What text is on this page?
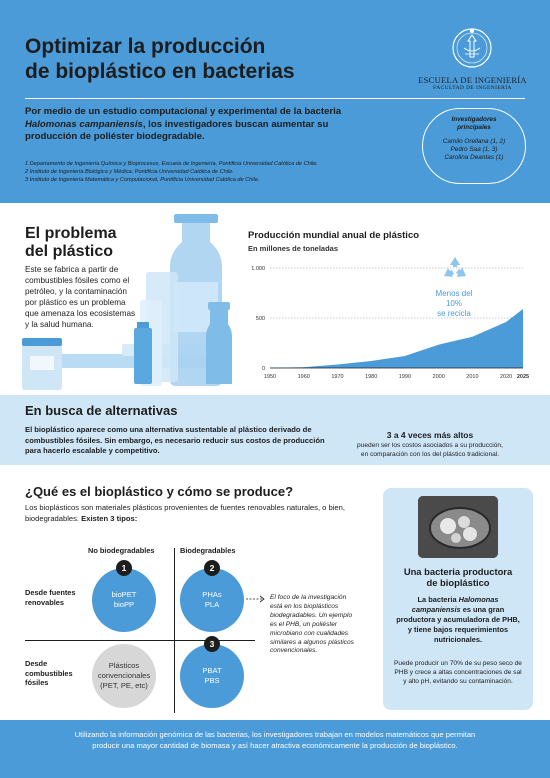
Optimizar la producción
de bioplástico en bacterias	ESCUELA DE INGENIERÍA
FACULTAD DE INGENIERÍA
Por medio de un estudio computacional y experimental de la bacteria Halomonas campaniensis, los investigadores buscan aumentar su producción de poliéster biodegradable.
1 Departamento de Ingeniería Química y Bioprocesos, Escuela de Ingeniería, Pontificia Universidad Católica de Chile.
2 Instituto de Ingeniería Biológica y Médica, Pontificia Universidad Católica de Chile.
3 Instituto de Ingeniería Matemática y Computacional, Pontificia Universidad Católica de Chile.
Investigadores
principales
Camilo Orellana (1, 2)
Pedro Saa (1, 3)
Carolina Deantas (1)
El problema
del plástico
Este se fabrica a partir de combustibles fósiles como el petróleo, y la contaminación por plástico es un problema que amenaza los ecosistemas y la salud humana.
Producción mundial anual de plástico
En millones de toneladas
0
500
1.000
1950	1960	1970	1980	1990	2000	2010	2020 2025
Menos del
10%
se recicla
En busca de alternativas
El bioplástico aparece como una alternativa sustentable al plástico derivado de combustibles fósiles. Sin embargo, es necesario reducir sus costos de producción para hacerlo escalable y competitivo.
3 a 4 veces más altos
pueden ser los costos asociados a su producción,
en comparación con los del plástico tradicional.
¿Qué es el bioplástico y cómo se produce?
Los bioplásticos son materiales plásticos provenientes de fuentes renovables naturales, o bien, biodegradables. Existen 3 tipos:
No biodegradables	Biodegradables
Desde fuentes
renovables
Desde
combustibles
fósiles
bioPET
bioPP
1
PHAs
PLA
2
Plásticos
convencionales
(PET, PE, etc)
PBAT
PBS
3
El foco de la investigación está en los bioplásticos biodegradables. Un ejemplo es el PHB, un poliéster microbiano con cualidades similares a algunos plásticos convencionales.
Una bacteria productora
de bioplástico
La bacteria Halomonas campaniensis es una gran productora y acumuladora de PHB, y tiene bajos requerimientos nutricionales.
Puede producir un 70% de su peso seco de PHB y crece a altas concentraciones de sal y alto pH, evitando su contaminación.
Utilizando la información genómica de las bacterias, los investigadores trabajan en modelos matemáticos que permitan producir una mayor cantidad de biomasa y así hacer atractiva económicamente la producción de bioplástico.
